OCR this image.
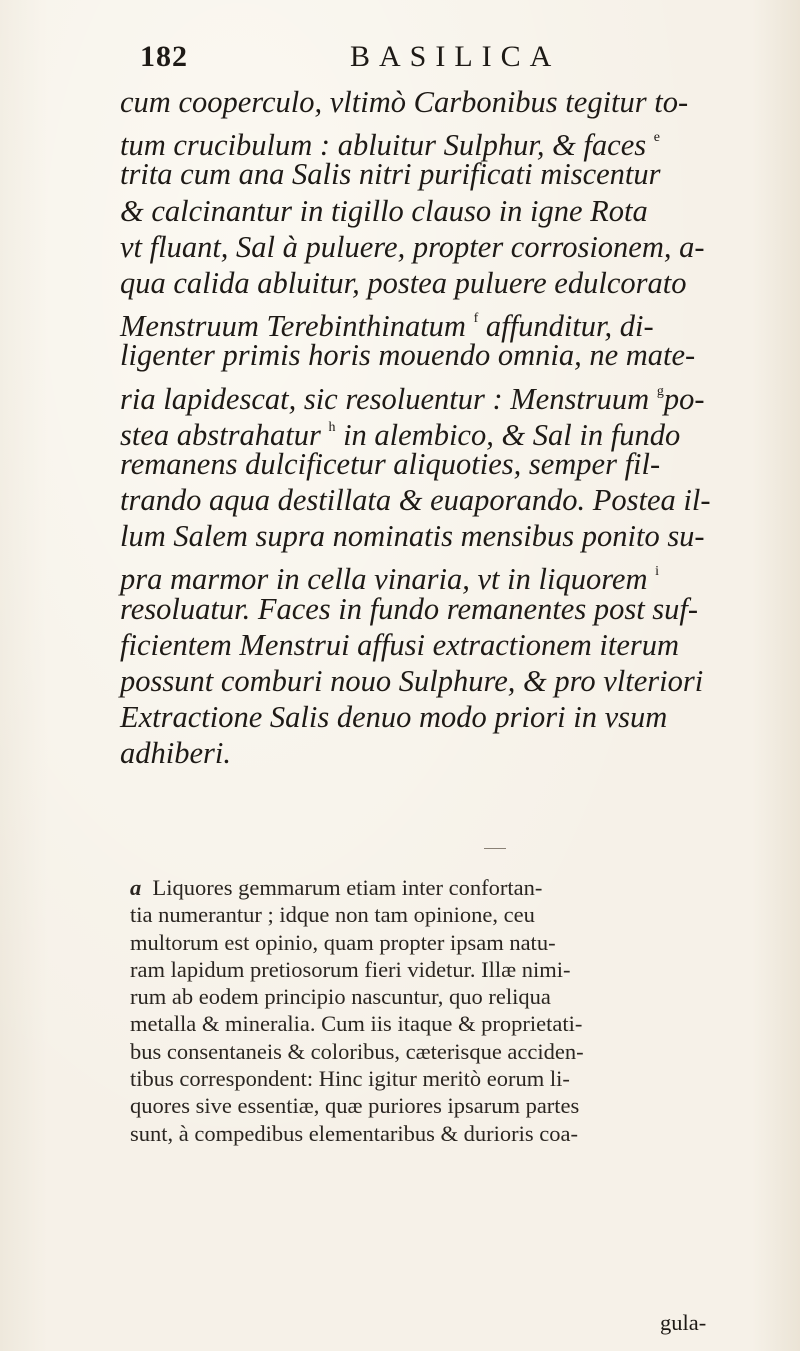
182	BASILICA
cum cooperculo, vltimò Carbonibus tegitur to-
tum crucibulum : abluitur Sulphur, & faces $^e$
trita cum ana Salis nitri purificati miscentur
& calcinantur in tigillo clauso in igne Rota
vt fluant, Sal à puluere, propter corrosionem, a-
qua calida abluitur, postea puluere edulcorato
Menstruum Terebinthinatum $^f$ affunditur, di-
ligenter primis horis mouendo omnia, ne mate-
ria lapidescat, sic resoluentur : Menstruum $^g$po-
stea abstrahatur $^h$ in alembico, & Sal in fundo
remanens dulcificetur aliquoties, semper fil-
trando aqua destillata & euaporando. Postea il-
lum Salem supra nominatis mensibus ponito su-
pra marmor in cella vinaria, vt in liquorem $^i$
resoluatur. Faces in fundo remanentes post suf-
ficientem Menstrui affusi extractionem iterum
possunt comburi nouo Sulphure, & pro vlteriori
Extractione Salis denuo modo priori in vsum
adhiberi.
a Liquores gemmarum etiam inter confortan-
tia numerantur ; idque non tam opinione, ceu
multorum est opinio, quam propter ipsam natu-
ram lapidum pretiosorum fieri videtur. Illæ nimi-
rum ab eodem principio nascuntur, quo reliqua
metalla & mineralia. Cum iis itaque & proprietati-
bus consentaneis & coloribus, cæterisque acciden-
tibus correspondent: Hinc igitur meritò eorum li-
quores sive essentiæ, quæ puriores ipsarum partes
sunt, à compedibus elementaribus & durioris coa-
gula-
